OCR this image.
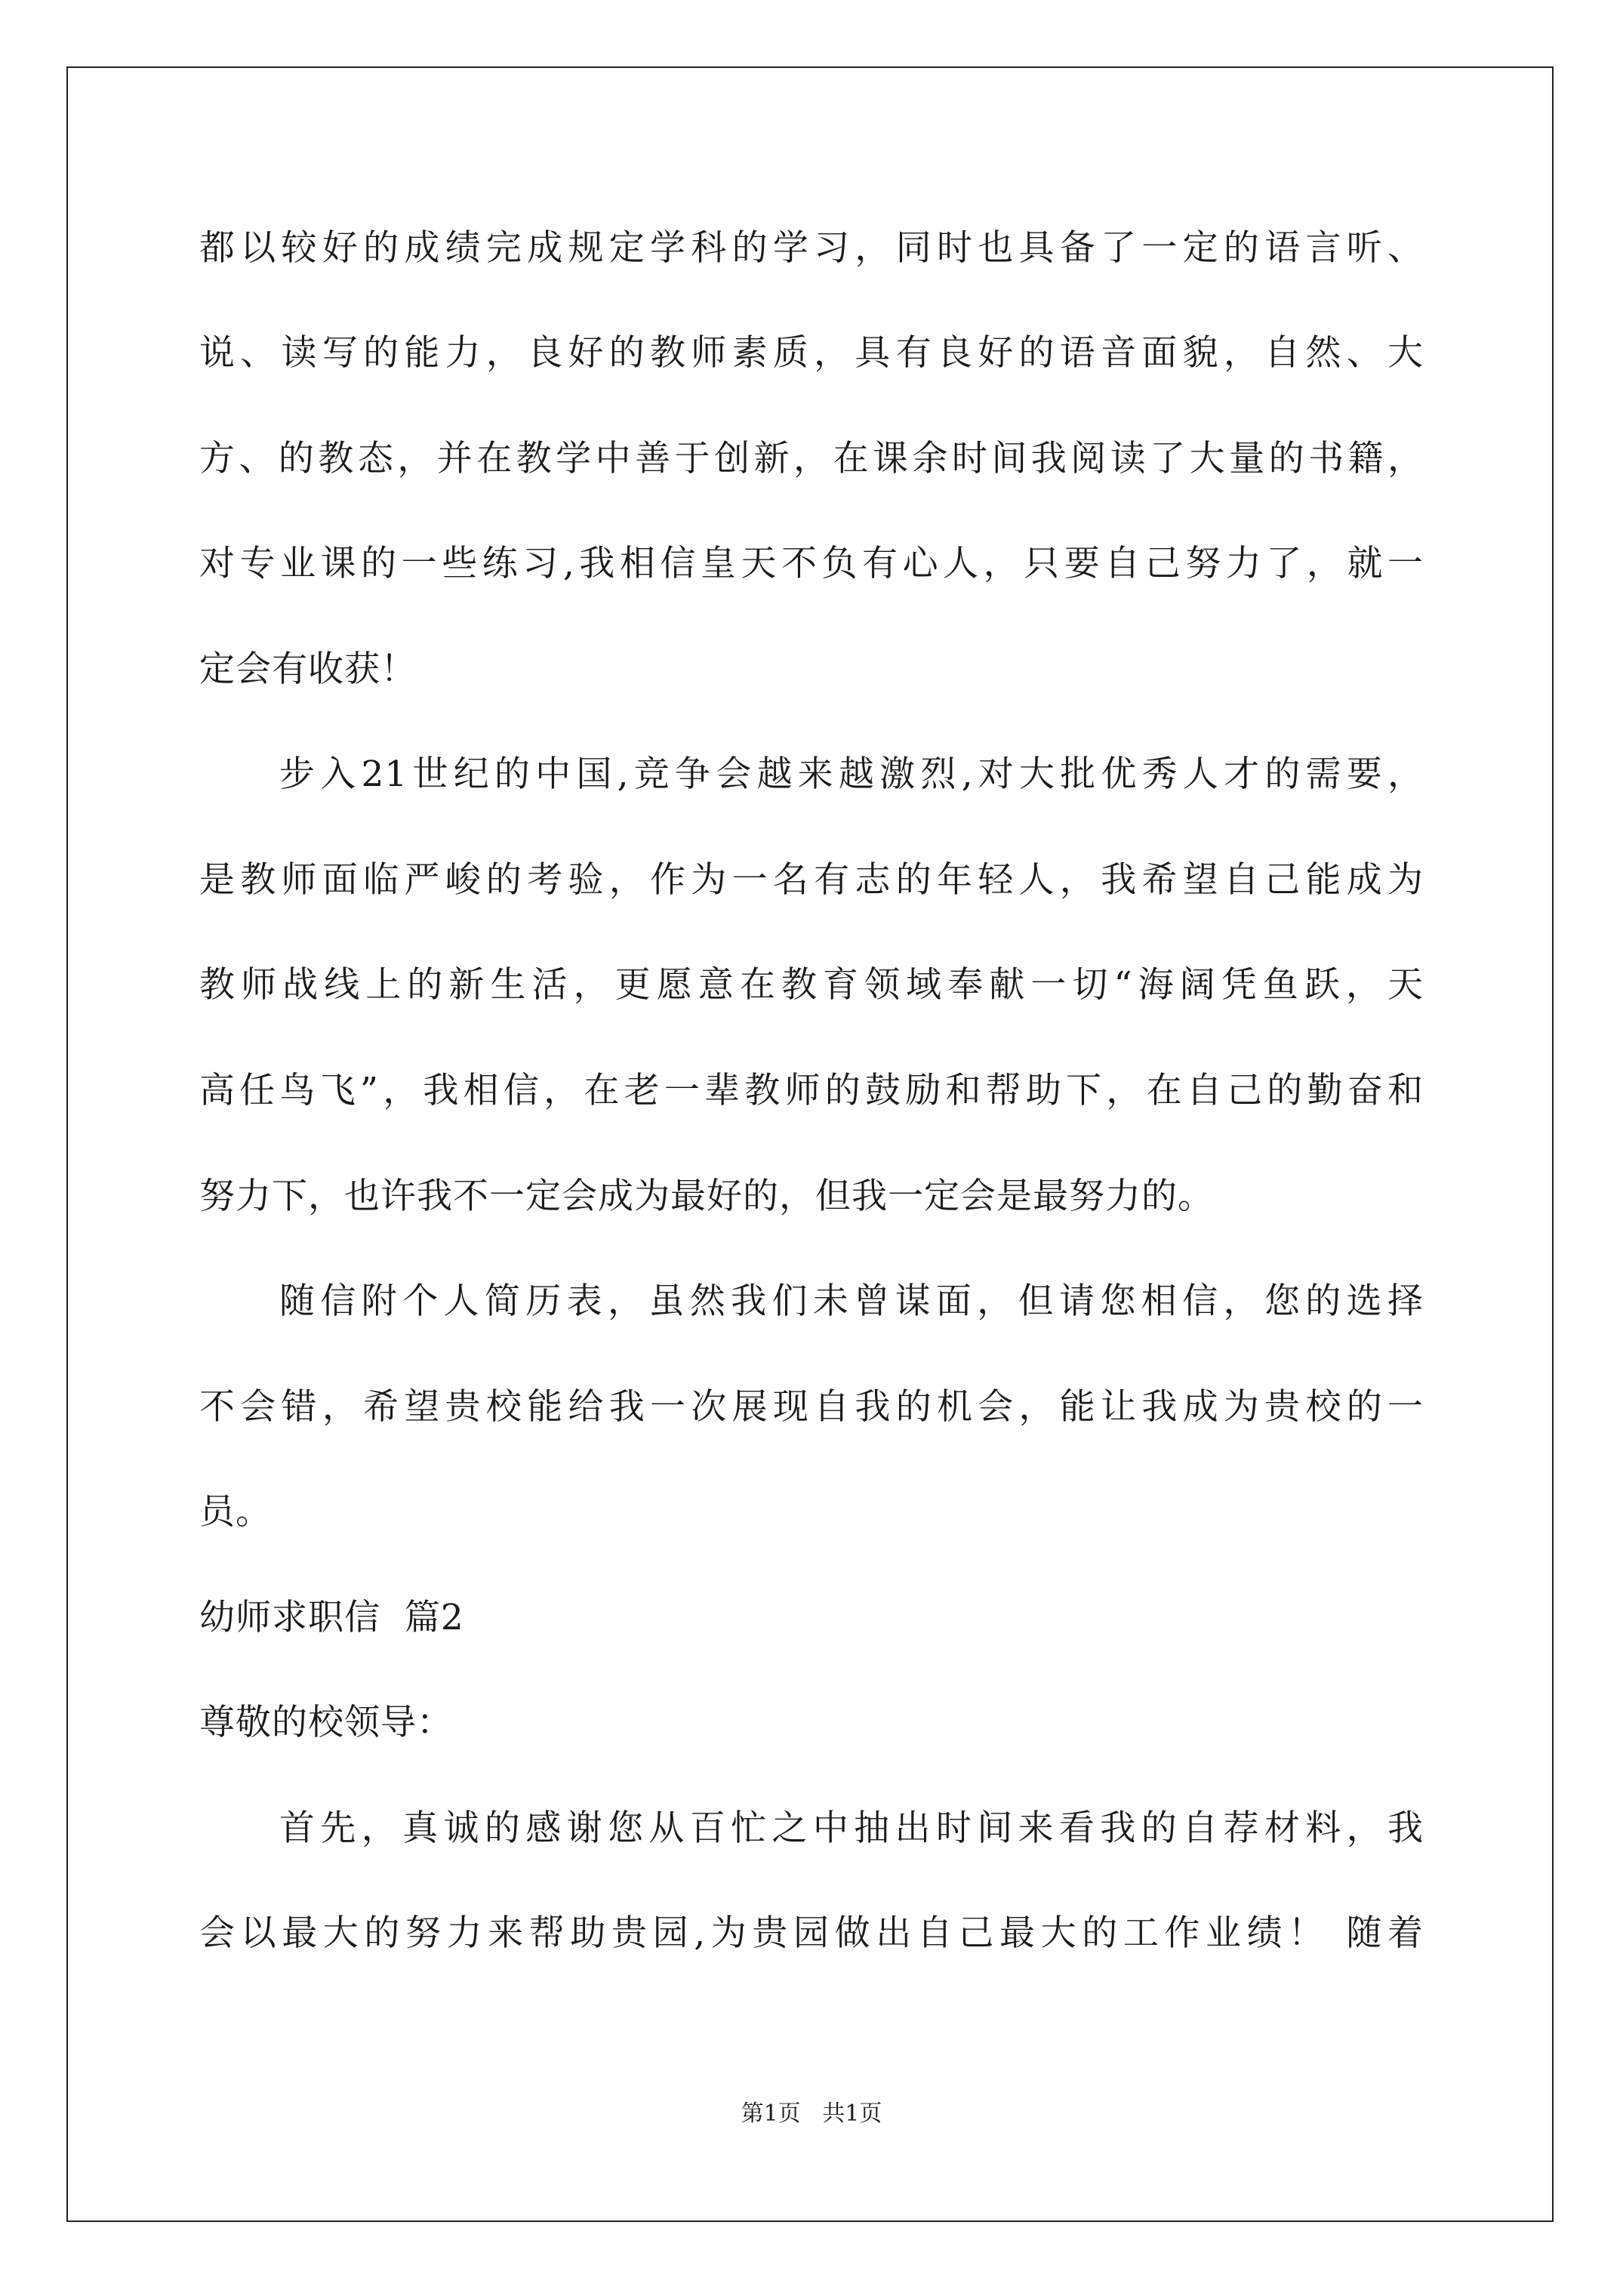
都以较好的成绩完成规定学科的学习，同时也具备了一定的语言听、
说、读写的能力，良好的教师素质，具有良好的语音面貌，自然、大
方、的教态，并在教学中善于创新，在课余时间我阅读了大量的书籍，
对专业课的一些练习,我相信皇天不负有心人，只要自己努力了，就一
定会有收获！
步入21世纪的中国,竞争会越来越激烈,对大批优秀人才的需要，
是教师面临严峻的考验，作为一名有志的年轻人，我希望自己能成为
教师战线上的新生活，更愿意在教育领域奉献一切“海阔凭鱼跃，天
高任鸟飞”，我相信，在老一辈教师的鼓励和帮助下，在自己的勤奋和
努力下，也许我不一定会成为最好的，但我一定会是最努力的。
随信附个人简历表，虽然我们未曾谋面，但请您相信，您的选择
不会错，希望贵校能给我一次展现自我的机会，能让我成为贵校的一
员。
幼师求职信  篇2
尊敬的校领导：
首先，真诚的感谢您从百忙之中抽出时间来看我的自荐材料，我
会以最大的努力来帮助贵园,为贵园做出自己最大的工作业绩！ 随着
第1页   共1页
